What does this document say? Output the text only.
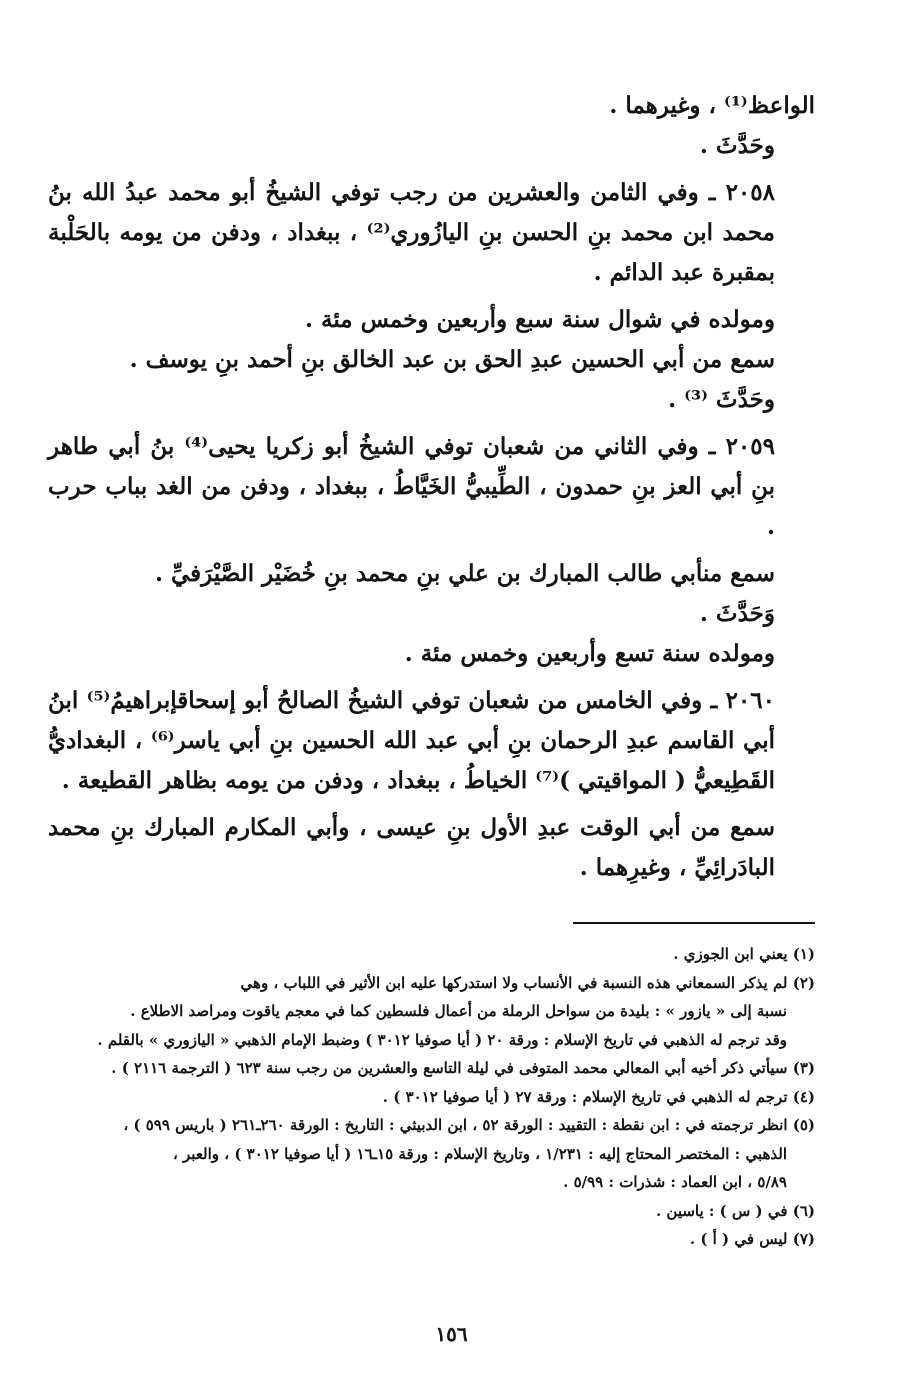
الواعظ⁽¹⁾ ، وغيرهما .

وحَدَّثَ .

٢٠٥٨ ـ وفي الثامن والعشرين من رجب توفي الشيخُ أبو محمد عبدُ الله بنُ محمد ابن محمد بنِ الحسن بنِ اليازُوري⁽²⁾ ، ببغداد ، ودفن من يومه بالحَلْبة بمقبرة عبد الدائم .

ومولده في شوال سنة سبع وأربعين وخمس مئة .

سمع من أبي الحسين عبدِ الحق بن عبد الخالق بنِ أحمد بنِ يوسف .

وحَدَّثَ ⁽³⁾ .

٢٠٥٩ ـ وفي الثاني من شعبان توفي الشيخُ أبو زكريا يحيى⁽⁴⁾ بنُ أبي طاهر بنِ أبي العز بنِ حمدون ، الطِّيبيُّ الخَيَّاطُ ، ببغداد ، ودفن من الغد بباب حرب .

سمع منأبي طالب المبارك بن علي بنِ محمد بنِ خُضَيْر الصَّيْرَفيِّ .

وَحَدَّثَ .

ومولده سنة تسع وأربعين وخمس مئة .

٢٠٦٠ ـ وفي الخامس من شعبان توفي الشيخُ الصالحُ أبو إسحاقإبراهيمُ⁽⁵⁾ ابنُ أبي القاسم عبدِ الرحمان بنِ أبي عبد الله الحسين بنِ أبي ياسر⁽⁶⁾ ، البغداديُّ القَطِيعيُّ ( المواقيتي )⁽⁷⁾ الخياطُ ، ببغداد ، ودفن من يومه بظاهر القطيعة .

سمع من أبي الوقت عبدِ الأول بنِ عيسى ، وأبي المكارم المبارك بنِ محمد البادَرائِيِّ ، وغيرِهما .

(١) يعني ابن الجوزي .

(٢) لم يذكر السمعاني هذه النسبة في الأنساب ولا استدركها عليه ابن الأثير في اللباب ، وهي

نسبة إلى « يازور » : بليدة من سواحل الرملة من أعمال فلسطين كما في معجم ياقوت ومراصد الاطلاع .

وقد ترجم له الذهبي في تاريخ الإسلام : ورقة ٢٠ ( أيا صوفيا ٣٠١٢ ) وضبط الإمام الذهبي « اليازوري » بالقلم .

(٣) سيأتي ذكر أخيه أبي المعالي محمد المتوفى في ليلة التاسع والعشرين من رجب سنة ٦٢٣ ( الترجمة ٢١١٦ ) .

(٤) ترجم له الذهبي في تاريخ الإسلام : ورقة ٢٧ ( أيا صوفيا ٣٠١٢ ) .

(٥) انظر ترجمته في : ابن نقطة : التقييد : الورقة ٥٢ ، ابن الدبيثي : التاريخ : الورقة ٢٦٠ـ٢٦١ ( باريس ٥٩٩ ) ،

الذهبي : المختصر المحتاج إليه : ١/٢٣١ ، وتاريخ الإسلام : ورقة ١٥ـ١٦ ( أيا صوفيا ٣٠١٢ ) ، والعبر ،

٥/٨٩ ، ابن العماد : شذرات : ٥/٩٩ .

(٦) في ( س ) : ياسين .

(٧) ليس في ( أ ) .

١٥٦
